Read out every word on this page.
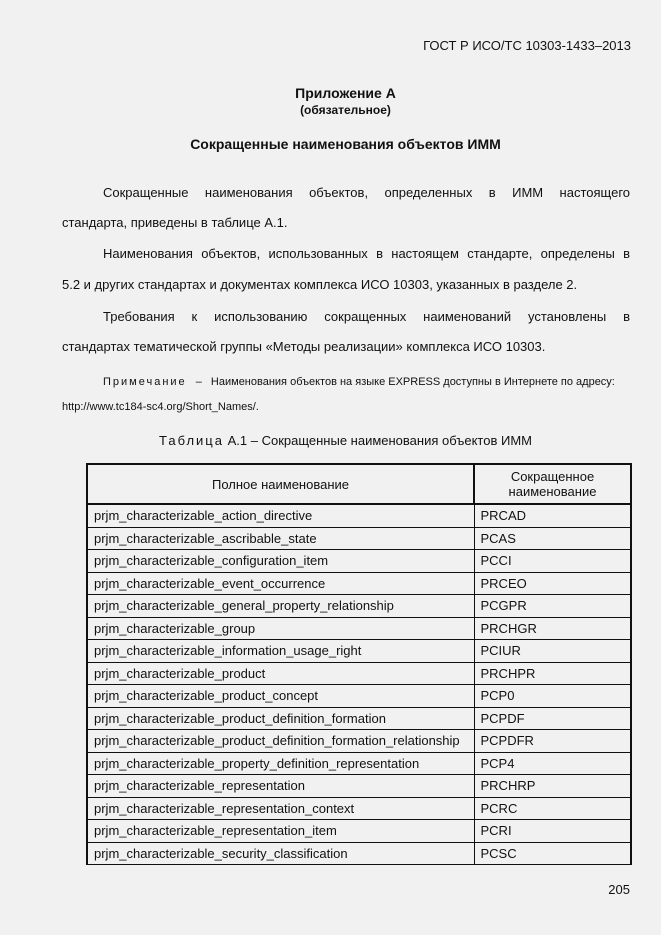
ГОСТ Р ИСО/ТС 10303-1433–2013
Приложение А
(обязательное)
Сокращенные наименования объектов ИММ
Сокращенные наименования объектов, определенных в ИММ настоящего
стандарта, приведены в таблице А.1.
Наименования объектов, использованных в настоящем стандарте, определены в
5.2 и других стандартах и документах комплекса ИСО 10303, указанных в разделе 2.
Требования к использованию сокращенных наименований установлены в
стандартах тематической группы «Методы реализации» комплекса ИСО 10303.
Примечание – Наименования объектов на языке EXPRESS доступны в Интернете по адресу:
http://www.tc184-sc4.org/Short_Names/.
Таблица А.1 – Сокращенные наименования объектов ИММ
Полное наименование	Сокращенное
наименование
prjm_characterizable_action_directive	PRCAD
prjm_characterizable_ascribable_state	PCAS
prjm_characterizable_configuration_item	PCCI
prjm_characterizable_event_occurrence	PRCEO
prjm_characterizable_general_property_relationship	PCGPR
prjm_characterizable_group	PRCHGR
prjm_characterizable_information_usage_right	PCIUR
prjm_characterizable_product	PRCHPR
prjm_characterizable_product_concept	PCP0
prjm_characterizable_product_definition_formation	PCPDF
prjm_characterizable_product_definition_formation_relationship	PCPDFR
prjm_characterizable_property_definition_representation	PCP4
prjm_characterizable_representation	PRCHRP
prjm_characterizable_representation_context	PCRC
prjm_characterizable_representation_item	PCRI
prjm_characterizable_security_classification	PCSC
205
